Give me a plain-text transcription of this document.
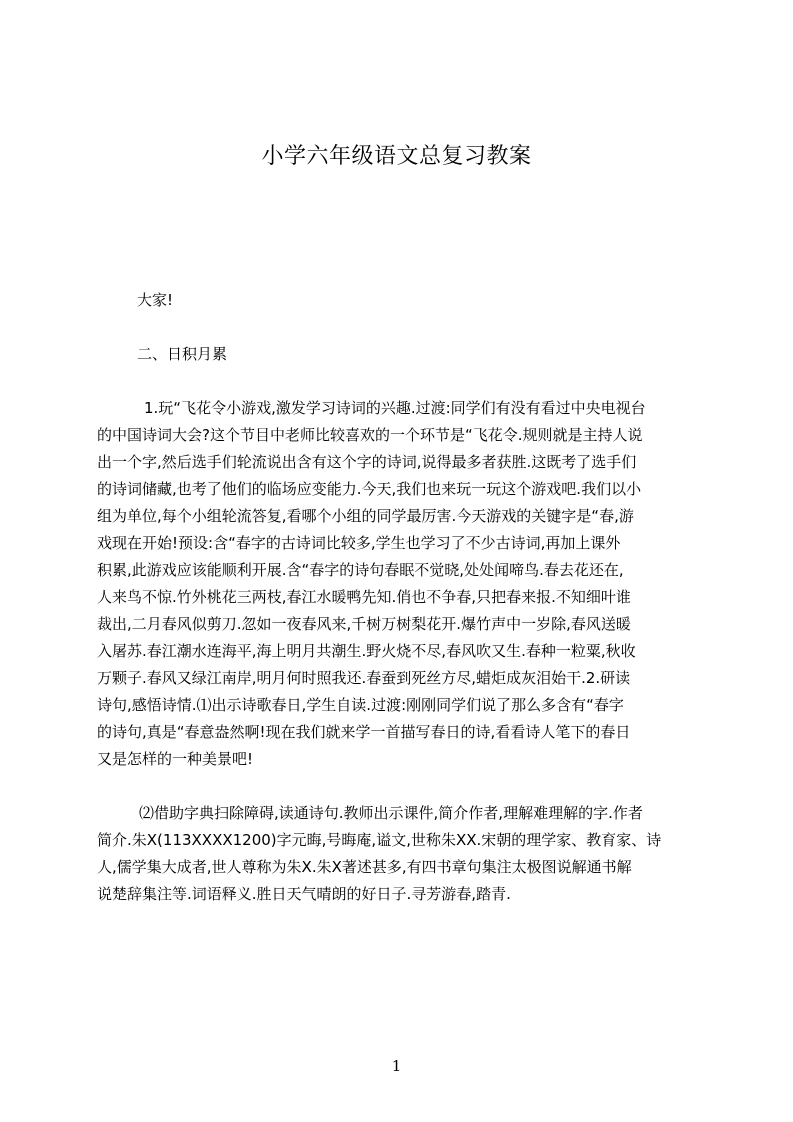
小学六年级语文总复习教案
大家!
二、日积月累
1.玩“飞花令小游戏,激发学习诗词的兴趣.过渡:同学们有没有看过中央电视台
的中国诗词大会?这个节目中老师比较喜欢的一个环节是“飞花令.规则就是主持人说
出一个字,然后选手们轮流说出含有这个字的诗词,说得最多者获胜.这既考了选手们
的诗词储藏,也考了他们的临场应变能力.今天,我们也来玩一玩这个游戏吧.我们以小
组为单位,每个小组轮流答复,看哪个小组的同学最厉害.今天游戏的关键字是“春,游
戏现在开始!预设:含“春字的古诗词比较多,学生也学习了不少古诗词,再加上课外
积累,此游戏应该能顺利开展.含“春字的诗句春眠不觉晓,处处闻啼鸟.春去花还在,
人来鸟不惊.竹外桃花三两枝,春江水暖鸭先知.俏也不争春,只把春来报.不知细叶谁
裁出,二月春风似剪刀.忽如一夜春风来,千树万树梨花开.爆竹声中一岁除,春风送暖
入屠苏.春江潮水连海平,海上明月共潮生.野火烧不尽,春风吹又生.春种一粒粟,秋收
万颗子.春风又绿江南岸,明月何时照我还.春蚕到死丝方尽,蜡炬成灰泪始干.2.研读
诗句,感悟诗情.⑴出示诗歌春日,学生自读.过渡:刚刚同学们说了那么多含有“春字
的诗句,真是“春意盎然啊!现在我们就来学一首描写春日的诗,看看诗人笔下的春日
又是怎样的一种美景吧!
⑵借助字典扫除障碍,读通诗句.教师出示课件,简介作者,理解难理解的字.作者
简介.朱X(113XXXX1200)字元晦,号晦庵,谥文,世称朱XX.宋朝的理学家、教育家、诗
人,儒学集大成者,世人尊称为朱X.朱X著述甚多,有四书章句集注太极图说解通书解
说楚辞集注等.词语释义.胜日天气晴朗的好日子.寻芳游春,踏青.
1
